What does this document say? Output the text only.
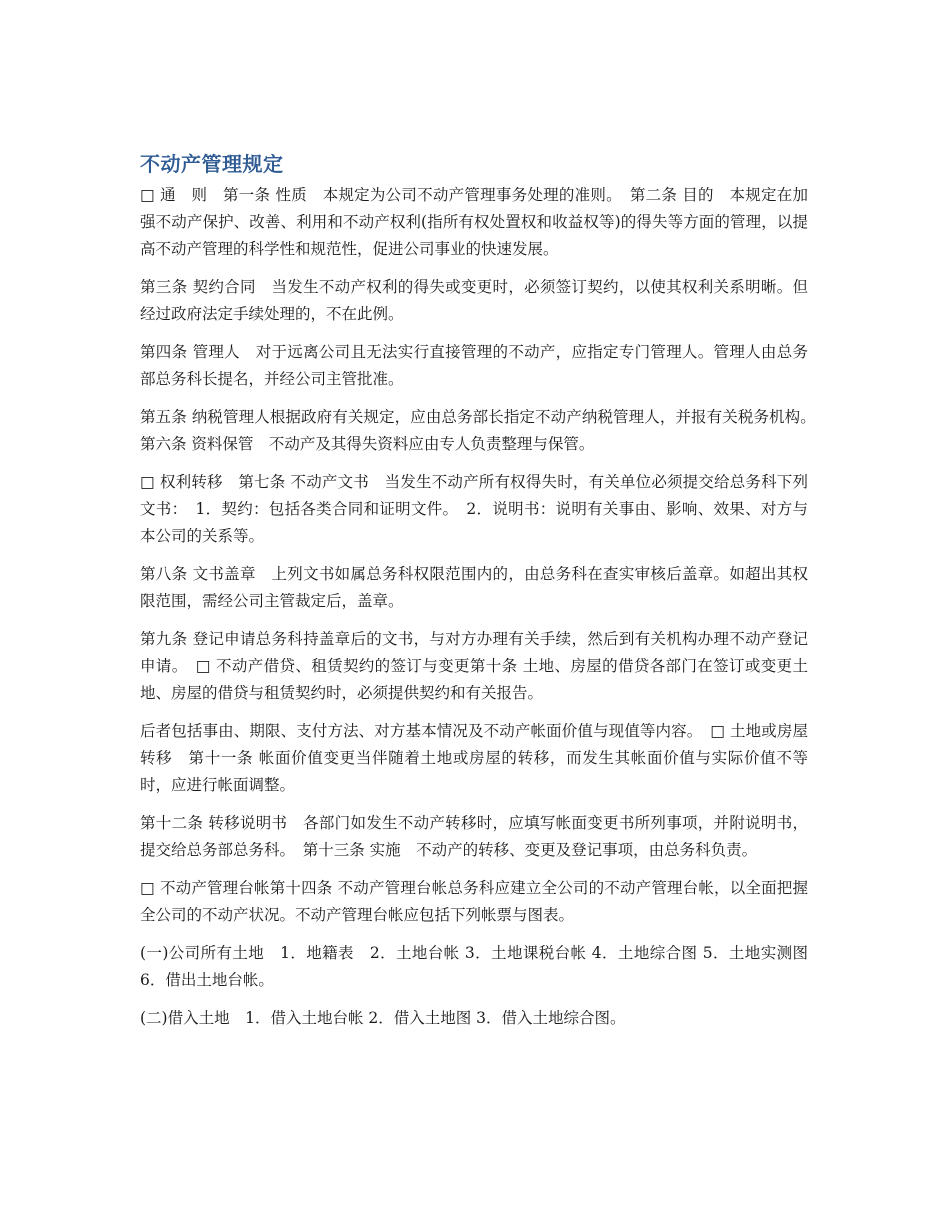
不动产管理规定

□ 通　则　第一条 性质　本规定为公司不动产管理事务处理的准则。　第二条 目的　本规定在加强不动产保护、改善、利用和不动产权利(指所有权处置权和收益权等)的得失等方面的管理，以提高不动产管理的科学性和规范性，促进公司事业的快速发展。

第三条 契约合同　当发生不动产权利的得失或变更时，必须签订契约，以使其权利关系明晰。但经过政府法定手续处理的，不在此例。

第四条 管理人　对于远离公司且无法实行直接管理的不动产，应指定专门管理人。管理人由总务部总务科长提名，并经公司主管批准。

第五条 纳税管理人根据政府有关规定，应由总务部长指定不动产纳税管理人，并报有关税务机构。　第六条 资料保管　不动产及其得失资料应由专人负责整理与保管。

□ 权利转移　第七条 不动产文书　当发生不动产所有权得失时，有关单位必须提交给总务科下列文书：　1．契约：包括各类合同和证明文件。　2．说明书：说明有关事由、影响、效果、对方与本公司的关系等。

第八条 文书盖章　上列文书如属总务科权限范围内的，由总务科在查实审核后盖章。如超出其权限范围，需经公司主管裁定后，盖章。

第九条 登记申请总务科持盖章后的文书，与对方办理有关手续，然后到有关机构办理不动产登记申请。　□ 不动产借贷、租赁契约的签订与变更第十条 土地、房屋的借贷各部门在签订或变更土地、房屋的借贷与租赁契约时，必须提供契约和有关报告。

后者包括事由、期限、支付方法、对方基本情况及不动产帐面价值与现值等内容。　□ 土地或房屋转移　第十一条 帐面价值变更当伴随着土地或房屋的转移，而发生其帐面价值与实际价值不等时，应进行帐面调整。

第十二条 转移说明书　各部门如发生不动产转移时，应填写帐面变更书所列事项，并附说明书，提交给总务部总务科。　第十三条 实施　不动产的转移、变更及登记事项，由总务科负责。

□ 不动产管理台帐第十四条 不动产管理台帐总务科应建立全公司的不动产管理台帐，以全面把握全公司的不动产状况。不动产管理台帐应包括下列帐票与图表。

(一)公司所有土地　1．地籍表　2．土地台帐 3．土地课税台帐 4．土地综合图 5．土地实测图 6．借出土地台帐。

(二)借入土地　1．借入土地台帐 2．借入土地图 3．借入土地综合图。
